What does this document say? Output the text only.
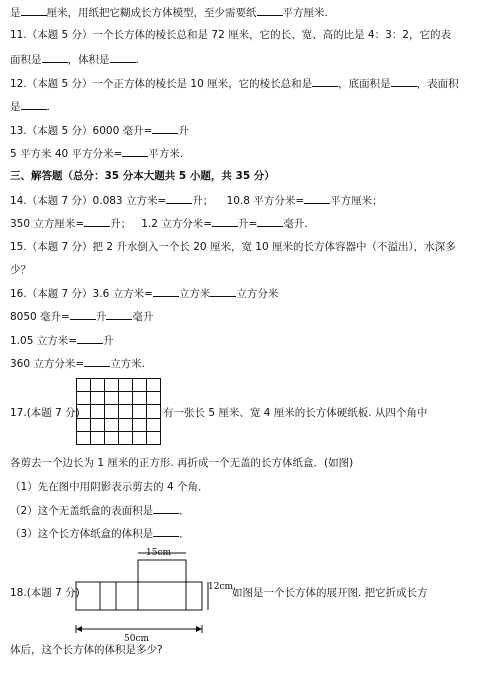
是 厘米，用纸把它糊成长方体模型，至少需要纸 平方厘米.
11.（本题 5 分）一个长方体的棱长总和是 72 厘米，它的长、宽、高的比是 4：3：2，它的表
面积是 ，体积是 .
12.（本题 5 分）一个正方体的棱长是 10 厘米，它的棱长总和是 ，底面积是 ，表面积
是 .
13.（本题 5 分）6000 毫升= 升
5 平方米 40 平方分米= 平方米.
三、解答题（总分：35 分本大题共 5 小题，共 35 分）
14.（本题 7 分）0.083 立方米= 升； 10.8 平方分米= 平方厘米；
350 立方厘米= 升； 1.2 立方分米= 升= 毫升.
15.（本题 7 分）把 2 升水倒入一个长 20 厘米，宽 10 厘米的长方体容器中（不溢出），水深多
少？
16.（本题 7 分）3.6 立方米= 立方米 立方分米
8050 毫升= 升 毫升
1.05 立方米= 升
360 立方分米= 立方米.
17.(本题 7 分)	有一张长 5 厘米、宽 4 厘米的长方体硬纸板. 从四个角中
各剪去一个边长为 1 厘米的正方形. 再折成一个无盖的长方体纸盒．(如图)
（1）先在图中用阴影表示剪去的 4 个角．
（2）这个无盖纸盒的表面积是 ．
（3）这个长方体纸盒的体积是 ．
18.(本题 7 分)
15cm
12cm
50cm
如图是一个长方体的展开图. 把它折成长方
体后，这个长方体的体积是多少?
